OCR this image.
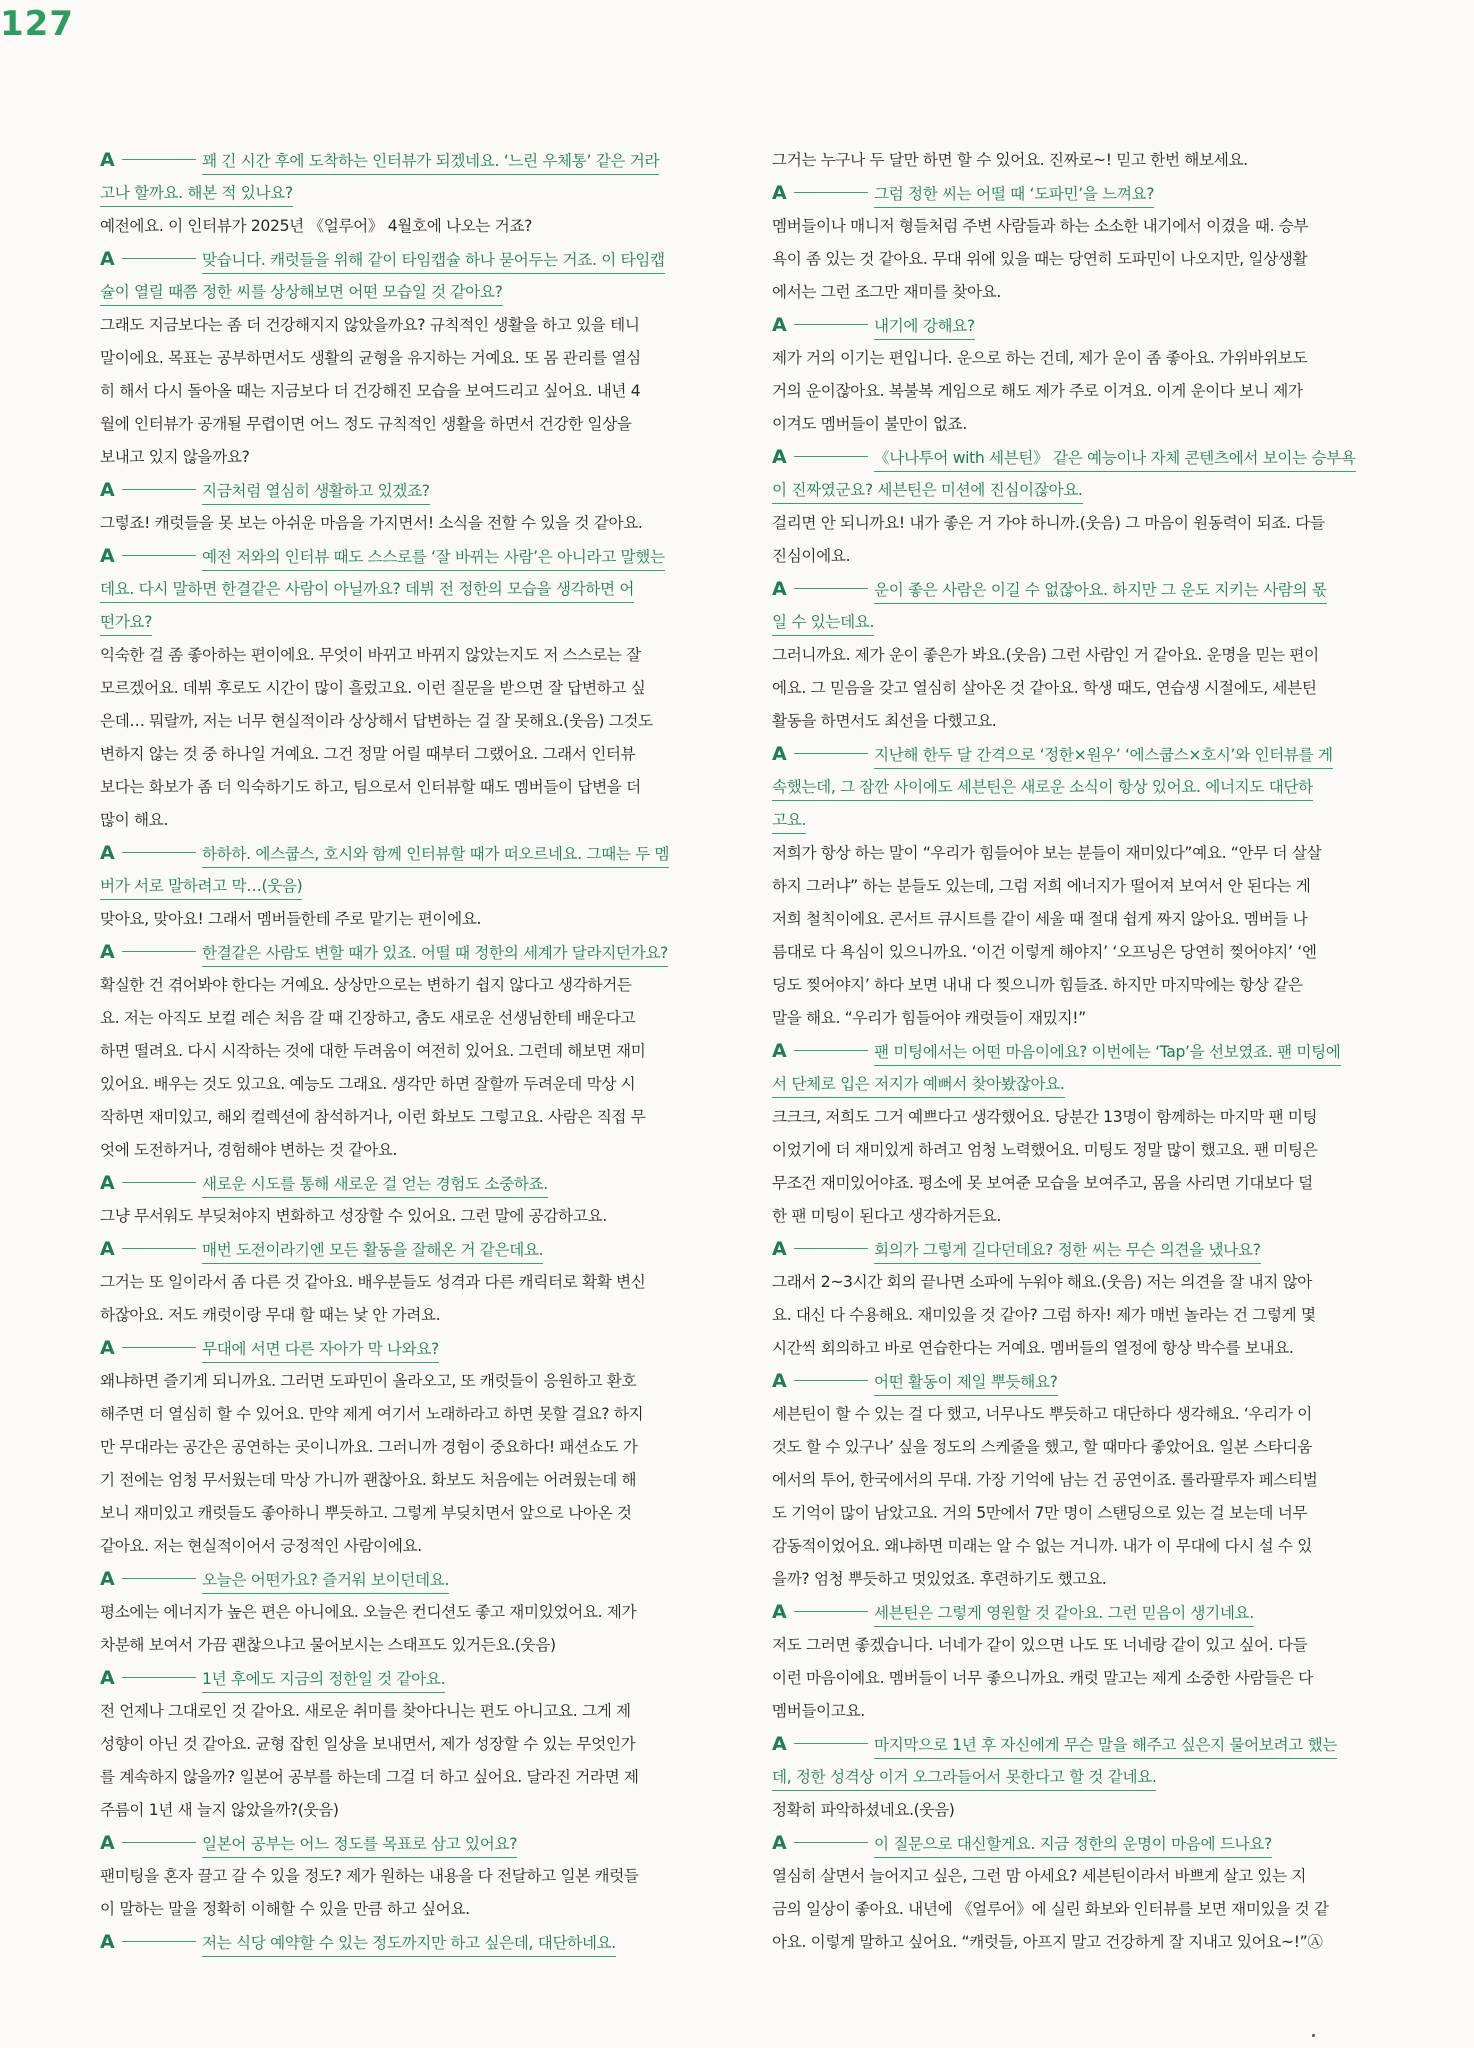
127
A	꽤 긴 시간 후에 도착하는 인터뷰가 되겠네요. ‘느린 우체통’ 같은 거라
고나 할까요. 해본 적 있나요?
예전에요. 이 인터뷰가 2025년 《얼루어》 4월호에 나오는 거죠?
A	맞습니다. 캐럿들을 위해 같이 타임캡슐 하나 묻어두는 거죠. 이 타임캡
슐이 열릴 때쯤 정한 씨를 상상해보면 어떤 모습일 것 같아요?
그래도 지금보다는 좀 더 건강해지지 않았을까요? 규칙적인 생활을 하고 있을 테니
말이에요. 목표는 공부하면서도 생활의 균형을 유지하는 거예요. 또 몸 관리를 열심
히 해서 다시 돌아올 때는 지금보다 더 건강해진 모습을 보여드리고 싶어요. 내년 4
월에 인터뷰가 공개될 무렵이면 어느 정도 규칙적인 생활을 하면서 건강한 일상을
보내고 있지 않을까요?
A	지금처럼 열심히 생활하고 있겠죠?
그렇죠! 캐럿들을 못 보는 아쉬운 마음을 가지면서! 소식을 전할 수 있을 것 같아요.
A	예전 저와의 인터뷰 때도 스스로를 ‘잘 바뀌는 사람’은 아니라고 말했는
데요. 다시 말하면 한결같은 사람이 아닐까요? 데뷔 전 정한의 모습을 생각하면 어
떤가요?
익숙한 걸 좀 좋아하는 편이에요. 무엇이 바뀌고 바뀌지 않았는지도 저 스스로는 잘
모르겠어요. 데뷔 후로도 시간이 많이 흘렀고요. 이런 질문을 받으면 잘 답변하고 싶
은데… 뭐랄까, 저는 너무 현실적이라 상상해서 답변하는 걸 잘 못해요.(웃음) 그것도
변하지 않는 것 중 하나일 거예요. 그건 정말 어릴 때부터 그랬어요. 그래서 인터뷰
보다는 화보가 좀 더 익숙하기도 하고, 팀으로서 인터뷰할 때도 멤버들이 답변을 더
많이 해요.
A	하하하. 에스쿱스, 호시와 함께 인터뷰할 때가 떠오르네요. 그때는 두 멤
버가 서로 말하려고 막…(웃음)
맞아요, 맞아요! 그래서 멤버들한테 주로 맡기는 편이에요.
A	한결같은 사람도 변할 때가 있죠. 어떨 때 정한의 세계가 달라지던가요?
확실한 건 겪어봐야 한다는 거예요. 상상만으로는 변하기 쉽지 않다고 생각하거든
요. 저는 아직도 보컬 레슨 처음 갈 때 긴장하고, 춤도 새로운 선생님한테 배운다고
하면 떨려요. 다시 시작하는 것에 대한 두려움이 여전히 있어요. 그런데 해보면 재미
있어요. 배우는 것도 있고요. 예능도 그래요. 생각만 하면 잘할까 두려운데 막상 시
작하면 재미있고, 해외 컬렉션에 참석하거나, 이런 화보도 그렇고요. 사람은 직접 무
엇에 도전하거나, 경험해야 변하는 것 같아요.
A	새로운 시도를 통해 새로운 걸 얻는 경험도 소중하죠.
그냥 무서워도 부딪쳐야지 변화하고 성장할 수 있어요. 그런 말에 공감하고요.
A	매번 도전이라기엔 모든 활동을 잘해온 거 같은데요.
그거는 또 일이라서 좀 다른 것 같아요. 배우분들도 성격과 다른 캐릭터로 확확 변신
하잖아요. 저도 캐럿이랑 무대 할 때는 낯 안 가려요.
A	무대에 서면 다른 자아가 막 나와요?
왜냐하면 즐기게 되니까요. 그러면 도파민이 올라오고, 또 캐럿들이 응원하고 환호
해주면 더 열심히 할 수 있어요. 만약 제게 여기서 노래하라고 하면 못할 걸요? 하지
만 무대라는 공간은 공연하는 곳이니까요. 그러니까 경험이 중요하다! 패션쇼도 가
기 전에는 엄청 무서웠는데 막상 가니까 괜찮아요. 화보도 처음에는 어려웠는데 해
보니 재미있고 캐럿들도 좋아하니 뿌듯하고. 그렇게 부딪치면서 앞으로 나아온 것
같아요. 저는 현실적이어서 긍정적인 사람이에요.
A	오늘은 어떤가요? 즐거워 보이던데요.
평소에는 에너지가 높은 편은 아니에요. 오늘은 컨디션도 좋고 재미있었어요. 제가
차분해 보여서 가끔 괜찮으냐고 물어보시는 스태프도 있거든요.(웃음)
A	1년 후에도 지금의 정한일 것 같아요.
전 언제나 그대로인 것 같아요. 새로운 취미를 찾아다니는 편도 아니고요. 그게 제
성향이 아닌 것 같아요. 균형 잡힌 일상을 보내면서, 제가 성장할 수 있는 무엇인가
를 계속하지 않을까? 일본어 공부를 하는데 그걸 더 하고 싶어요. 달라진 거라면 제
주름이 1년 새 늘지 않았을까?(웃음)
A	일본어 공부는 어느 정도를 목표로 삼고 있어요?
팬미팅을 혼자 끌고 갈 수 있을 정도? 제가 원하는 내용을 다 전달하고 일본 캐럿들
이 말하는 말을 정확히 이해할 수 있을 만큼 하고 싶어요.
A	저는 식당 예약할 수 있는 정도까지만 하고 싶은데, 대단하네요.
그거는 누구나 두 달만 하면 할 수 있어요. 진짜로~! 믿고 한번 해보세요.
A	그럼 정한 씨는 어떨 때 ‘도파민’을 느껴요?
멤버들이나 매니저 형들처럼 주변 사람들과 하는 소소한 내기에서 이겼을 때. 승부
욕이 좀 있는 것 같아요. 무대 위에 있을 때는 당연히 도파민이 나오지만, 일상생활
에서는 그런 조그만 재미를 찾아요.
A	내기에 강해요?
제가 거의 이기는 편입니다. 운으로 하는 건데, 제가 운이 좀 좋아요. 가위바위보도
거의 운이잖아요. 복불복 게임으로 해도 제가 주로 이겨요. 이게 운이다 보니 제가
이겨도 멤버들이 불만이 없죠.
A	《나나투어 with 세븐틴》 같은 예능이나 자체 콘텐츠에서 보이는 승부욕
이 진짜였군요? 세븐틴은 미션에 진심이잖아요.
걸리면 안 되니까요! 내가 좋은 거 가야 하니까.(웃음) 그 마음이 원동력이 되죠. 다들
진심이에요.
A	운이 좋은 사람은 이길 수 없잖아요. 하지만 그 운도 지키는 사람의 몫
일 수 있는데요.
그러니까요. 제가 운이 좋은가 봐요.(웃음) 그런 사람인 거 같아요. 운명을 믿는 편이
에요. 그 믿음을 갖고 열심히 살아온 것 같아요. 학생 때도, 연습생 시절에도, 세븐틴
활동을 하면서도 최선을 다했고요.
A	지난해 한두 달 간격으로 ‘정한×원우’ ‘에스쿱스×호시’와 인터뷰를 게
속했는데, 그 잠깐 사이에도 세븐틴은 새로운 소식이 항상 있어요. 에너지도 대단하
고요.
저희가 항상 하는 말이 “우리가 힘들어야 보는 분들이 재미있다”예요. “안무 더 살살
하지 그러냐” 하는 분들도 있는데, 그럼 저희 에너지가 떨어져 보여서 안 된다는 게
저희 철칙이에요. 콘서트 큐시트를 같이 세울 때 절대 쉽게 짜지 않아요. 멤버들 나
름대로 다 욕심이 있으니까요. ‘이건 이렇게 해야지’ ‘오프닝은 당연히 찢어야지’ ‘엔
딩도 찢어야지’ 하다 보면 내내 다 찢으니까 힘들죠. 하지만 마지막에는 항상 같은
말을 해요. “우리가 힘들어야 캐럿들이 재밌지!”
A	팬 미팅에서는 어떤 마음이에요? 이번에는 ‘Tap’을 선보였죠. 팬 미팅에
서 단체로 입은 저지가 예뻐서 찾아봤잖아요.
크크크, 저희도 그거 예쁘다고 생각했어요. 당분간 13명이 함께하는 마지막 팬 미팅
이었기에 더 재미있게 하려고 엄청 노력했어요. 미팅도 정말 많이 했고요. 팬 미팅은
무조건 재미있어야죠. 평소에 못 보여준 모습을 보여주고, 몸을 사리면 기대보다 덜
한 팬 미팅이 된다고 생각하거든요.
A	회의가 그렇게 길다던데요? 정한 씨는 무슨 의견을 냈나요?
그래서 2~3시간 회의 끝나면 소파에 누워야 해요.(웃음) 저는 의견을 잘 내지 않아
요. 대신 다 수용해요. 재미있을 것 같아? 그럼 하자! 제가 매번 놀라는 건 그렇게 몇
시간씩 회의하고 바로 연습한다는 거예요. 멤버들의 열정에 항상 박수를 보내요.
A	어떤 활동이 제일 뿌듯해요?
세븐틴이 할 수 있는 걸 다 했고, 너무나도 뿌듯하고 대단하다 생각해요. ‘우리가 이
것도 할 수 있구나’ 싶을 정도의 스케줄을 했고, 할 때마다 좋았어요. 일본 스타디움
에서의 투어, 한국에서의 무대. 가장 기억에 남는 건 공연이죠. 롤라팔루자 페스티벌
도 기억이 많이 남았고요. 거의 5만에서 7만 명이 스탠딩으로 있는 걸 보는데 너무
감동적이었어요. 왜냐하면 미래는 알 수 없는 거니까. 내가 이 무대에 다시 설 수 있
을까? 엄청 뿌듯하고 멋있었죠. 후련하기도 했고요.
A	세븐틴은 그렇게 영원할 것 같아요. 그런 믿음이 생기네요.
저도 그러면 좋겠습니다. 너네가 같이 있으면 나도 또 너네랑 같이 있고 싶어. 다들
이런 마음이에요. 멤버들이 너무 좋으니까요. 캐럿 말고는 제게 소중한 사람들은 다
멤버들이고요.
A	마지막으로 1년 후 자신에게 무슨 말을 해주고 싶은지 물어보려고 했는
데, 정한 성격상 이거 오그라들어서 못한다고 할 것 같네요.
정확히 파악하셨네요.(웃음)
A	이 질문으로 대신할게요. 지금 정한의 운명이 마음에 드나요?
열심히 살면서 늘어지고 싶은, 그런 맘 아세요? 세븐틴이라서 바쁘게 살고 있는 지
금의 일상이 좋아요. 내년에 《얼루어》에 실린 화보와 인터뷰를 보면 재미있을 것 같
아요. 이렇게 말하고 싶어요. “캐럿들, 아프지 말고 건강하게 잘 지내고 있어요~!”Ⓐ
